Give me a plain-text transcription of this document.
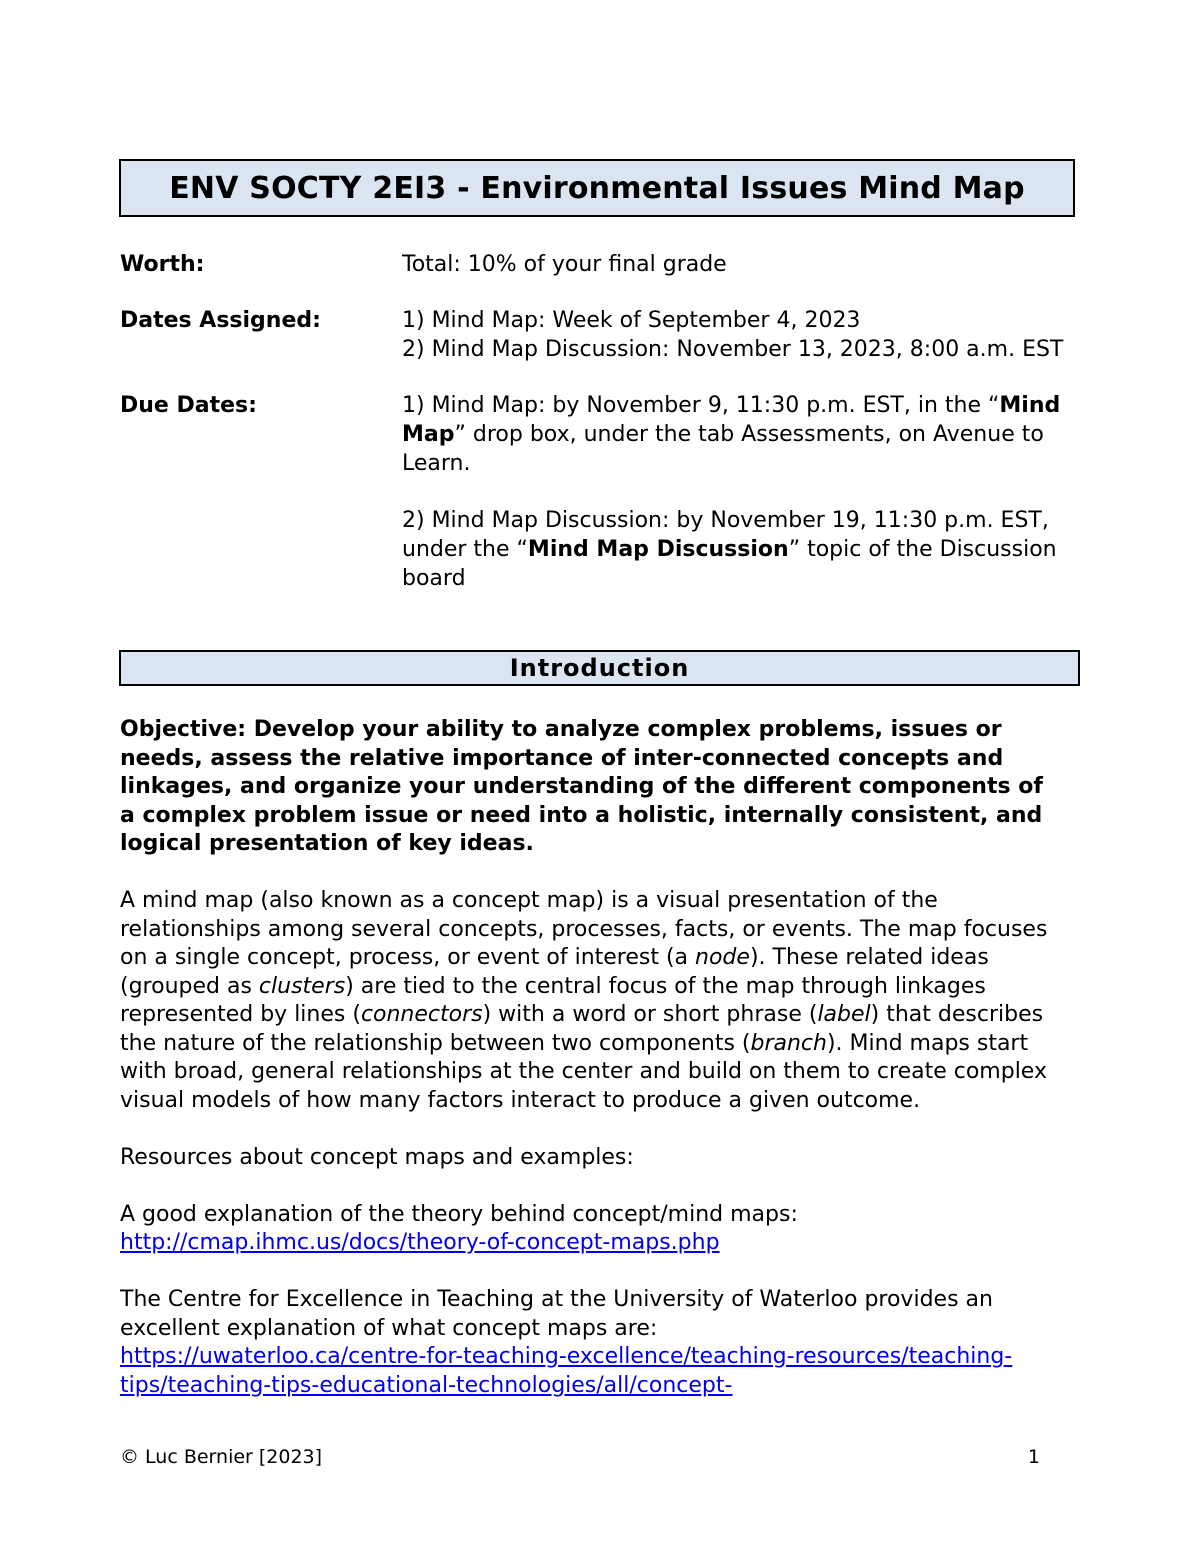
ENV SOCTY 2EI3 - Environmental Issues Mind Map
Worth:	Total: 10% of your final grade

Dates Assigned:	1) Mind Map: Week of September 4, 2023

2) Mind Map Discussion: November 13, 2023, 8:00 a.m. EST

Due Dates:	1) Mind Map: by November 9, 11:30 p.m. EST, in the “Mind Map” drop box, under the tab Assessments, on Avenue to Learn.

2) Mind Map Discussion: by November 19, 11:30 p.m. EST, under the “Mind Map Discussion” topic of the Discussion board

Introduction

Objective: Develop your ability to analyze complex problems, issues or needs, assess the relative importance of inter-connected concepts and linkages, and organize your understanding of the different components of a complex problem issue or need into a holistic, internally consistent, and logical presentation of key ideas.

A mind map (also known as a concept map) is a visual presentation of the relationships among several concepts, processes, facts, or events. The map focuses on a single concept, process, or event of interest (a node). These related ideas (grouped as clusters) are tied to the central focus of the map through linkages represented by lines (connectors) with a word or short phrase (label) that describes the nature of the relationship between two components (branch). Mind maps start with broad, general relationships at the center and build on them to create complex visual models of how many factors interact to produce a given outcome.

Resources about concept maps and examples:

A good explanation of the theory behind concept/mind maps:
http://cmap.ihmc.us/docs/theory-of-concept-maps.php

The Centre for Excellence in Teaching at the University of Waterloo provides an excellent explanation of what concept maps are:
https://uwaterloo.ca/centre-for-teaching-excellence/teaching-resources/teaching-tips/teaching-tips-educational-technologies/all/concept-

© Luc Bernier [2023]	1
